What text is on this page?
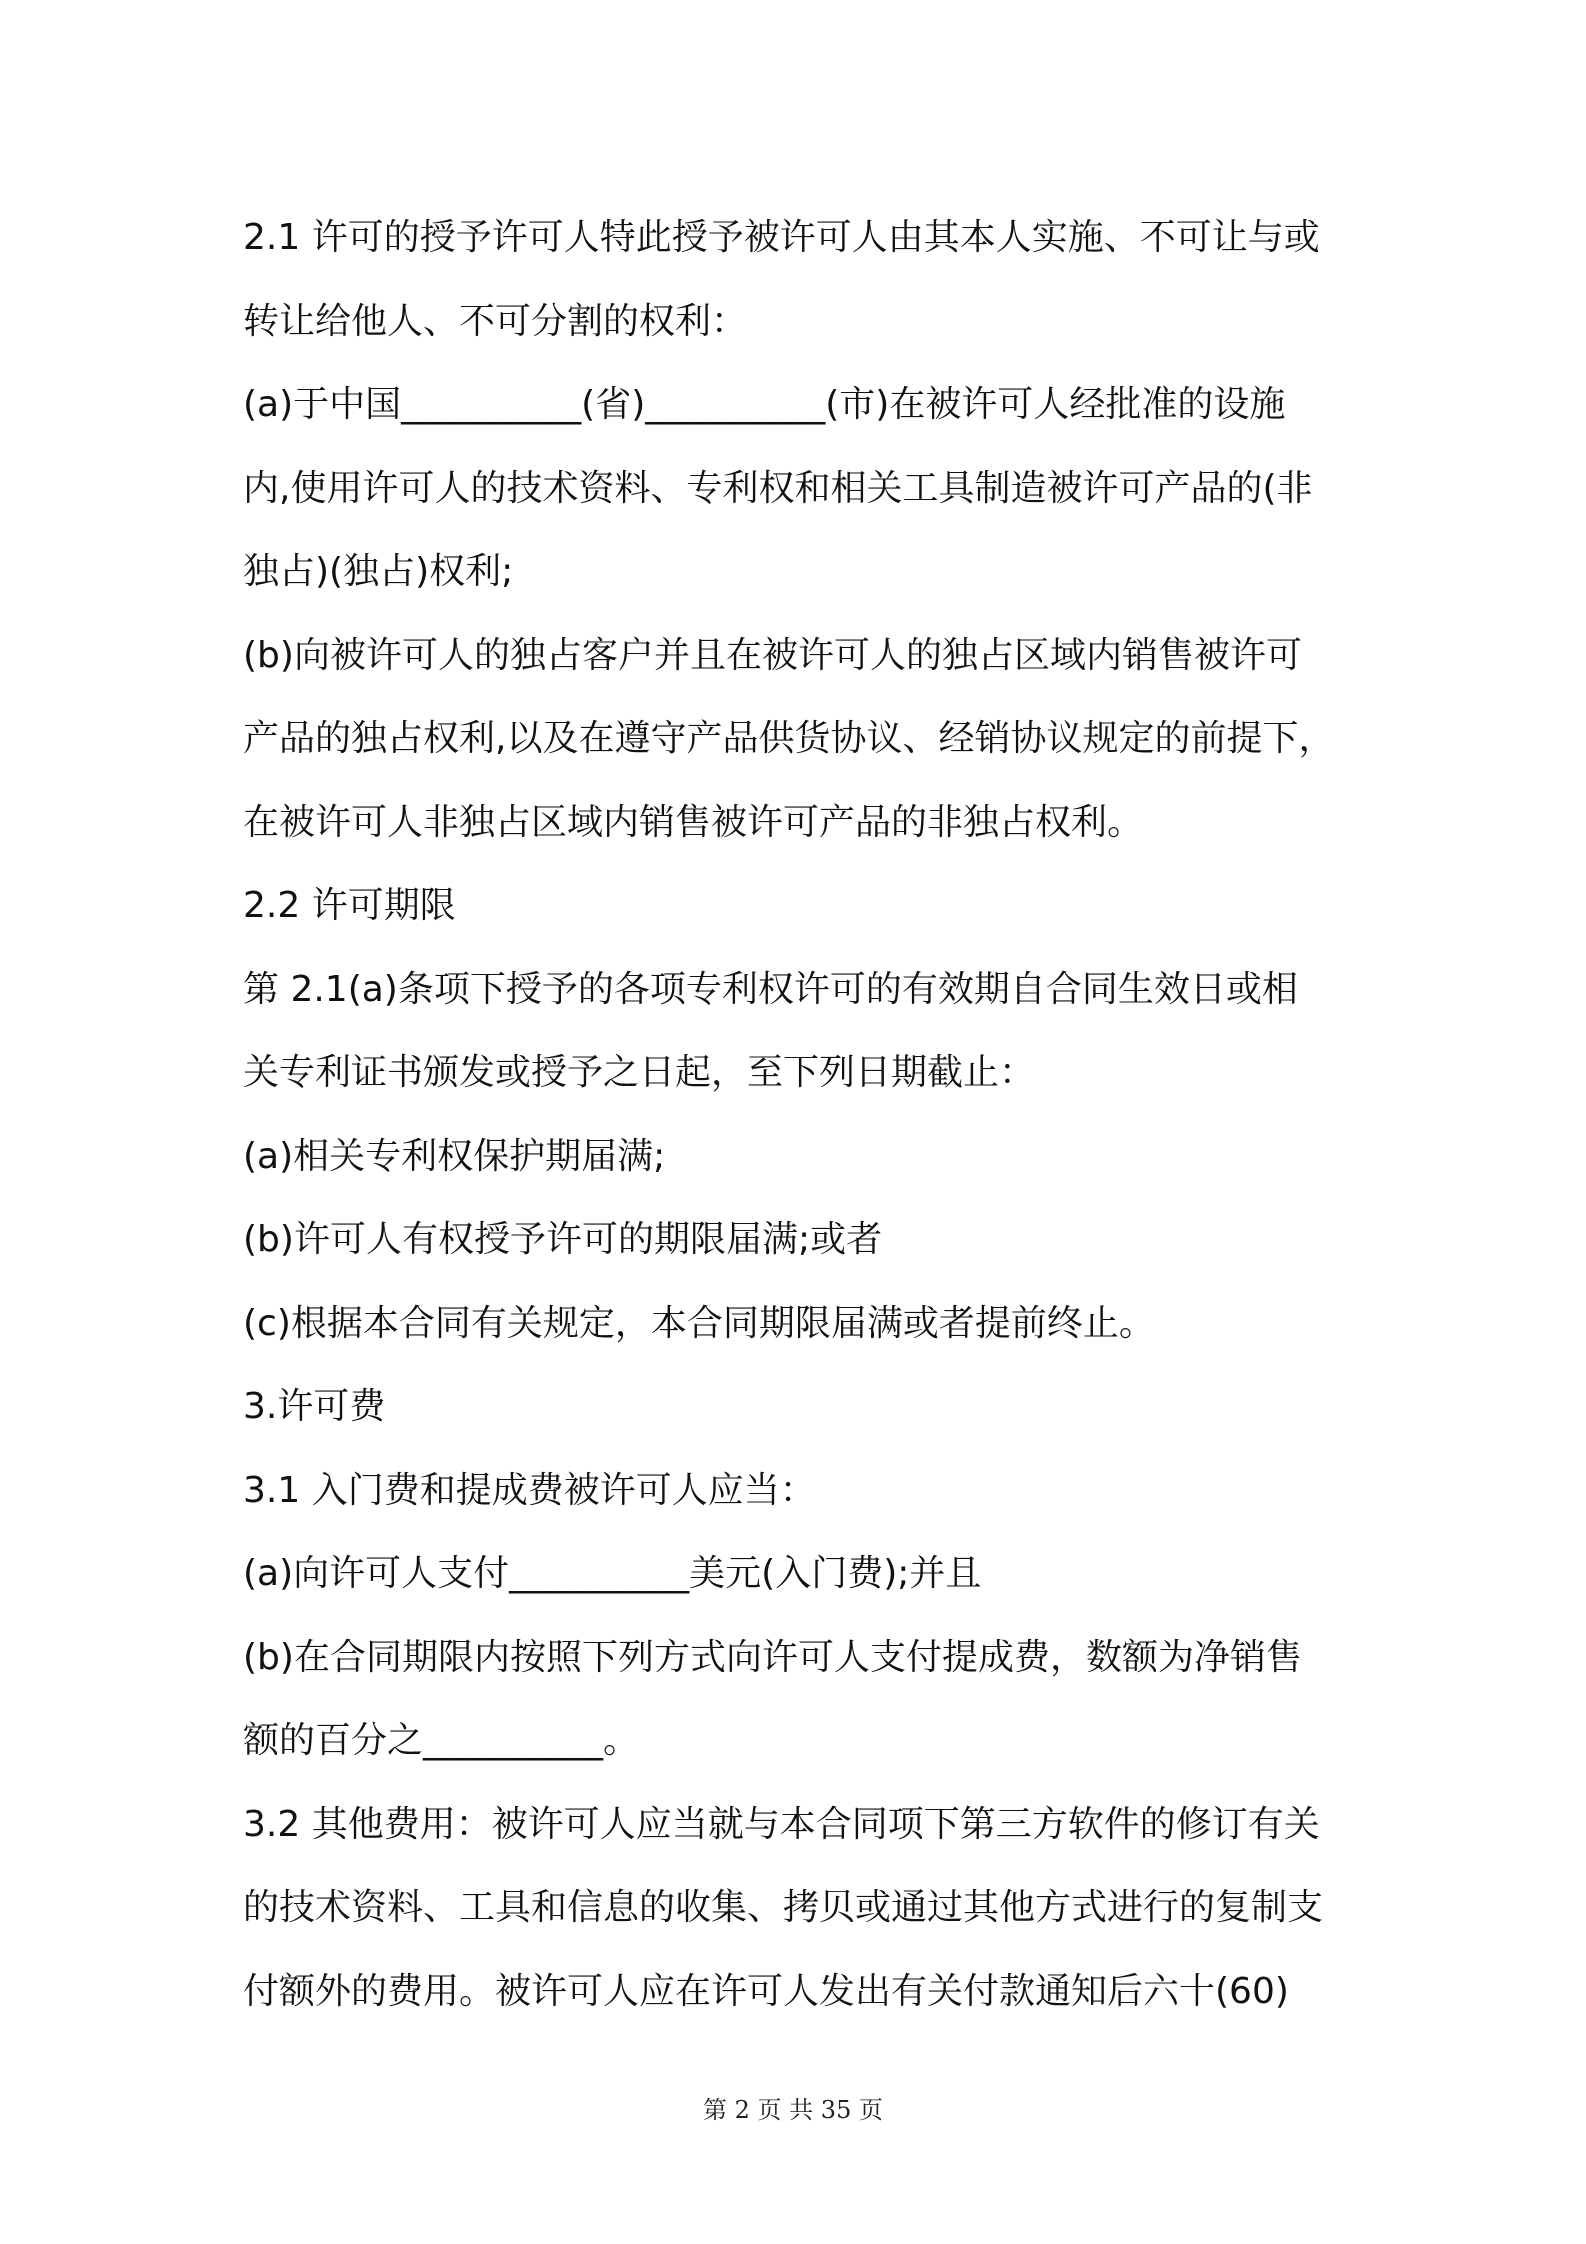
2.1 许可的授予许可人特此授予被许可人由其本人实施、不可让与或
转让给他人、不可分割的权利：
(a)于中国__________(省)__________(市)在被许可人经批准的设施
内,使用许可人的技术资料、专利权和相关工具制造被许可产品的(非
独占)(独占)权利;
(b)向被许可人的独占客户并且在被许可人的独占区域内销售被许可
产品的独占权利,以及在遵守产品供货协议、经销协议规定的前提下，
在被许可人非独占区域内销售被许可产品的非独占权利。
2.2 许可期限
第 2.1(a)条项下授予的各项专利权许可的有效期自合同生效日或相
关专利证书颁发或授予之日起，至下列日期截止：
(a)相关专利权保护期届满;
(b)许可人有权授予许可的期限届满;或者
(c)根据本合同有关规定，本合同期限届满或者提前终止。
3.许可费
3.1 入门费和提成费被许可人应当：
(a)向许可人支付__________美元(入门费);并且
(b)在合同期限内按照下列方式向许可人支付提成费，数额为净销售
额的百分之__________。
3.2 其他费用：被许可人应当就与本合同项下第三方软件的修订有关
的技术资料、工具和信息的收集、拷贝或通过其他方式进行的复制支
付额外的费用。被许可人应在许可人发出有关付款通知后六十(60)
第 2 页 共 35 页
